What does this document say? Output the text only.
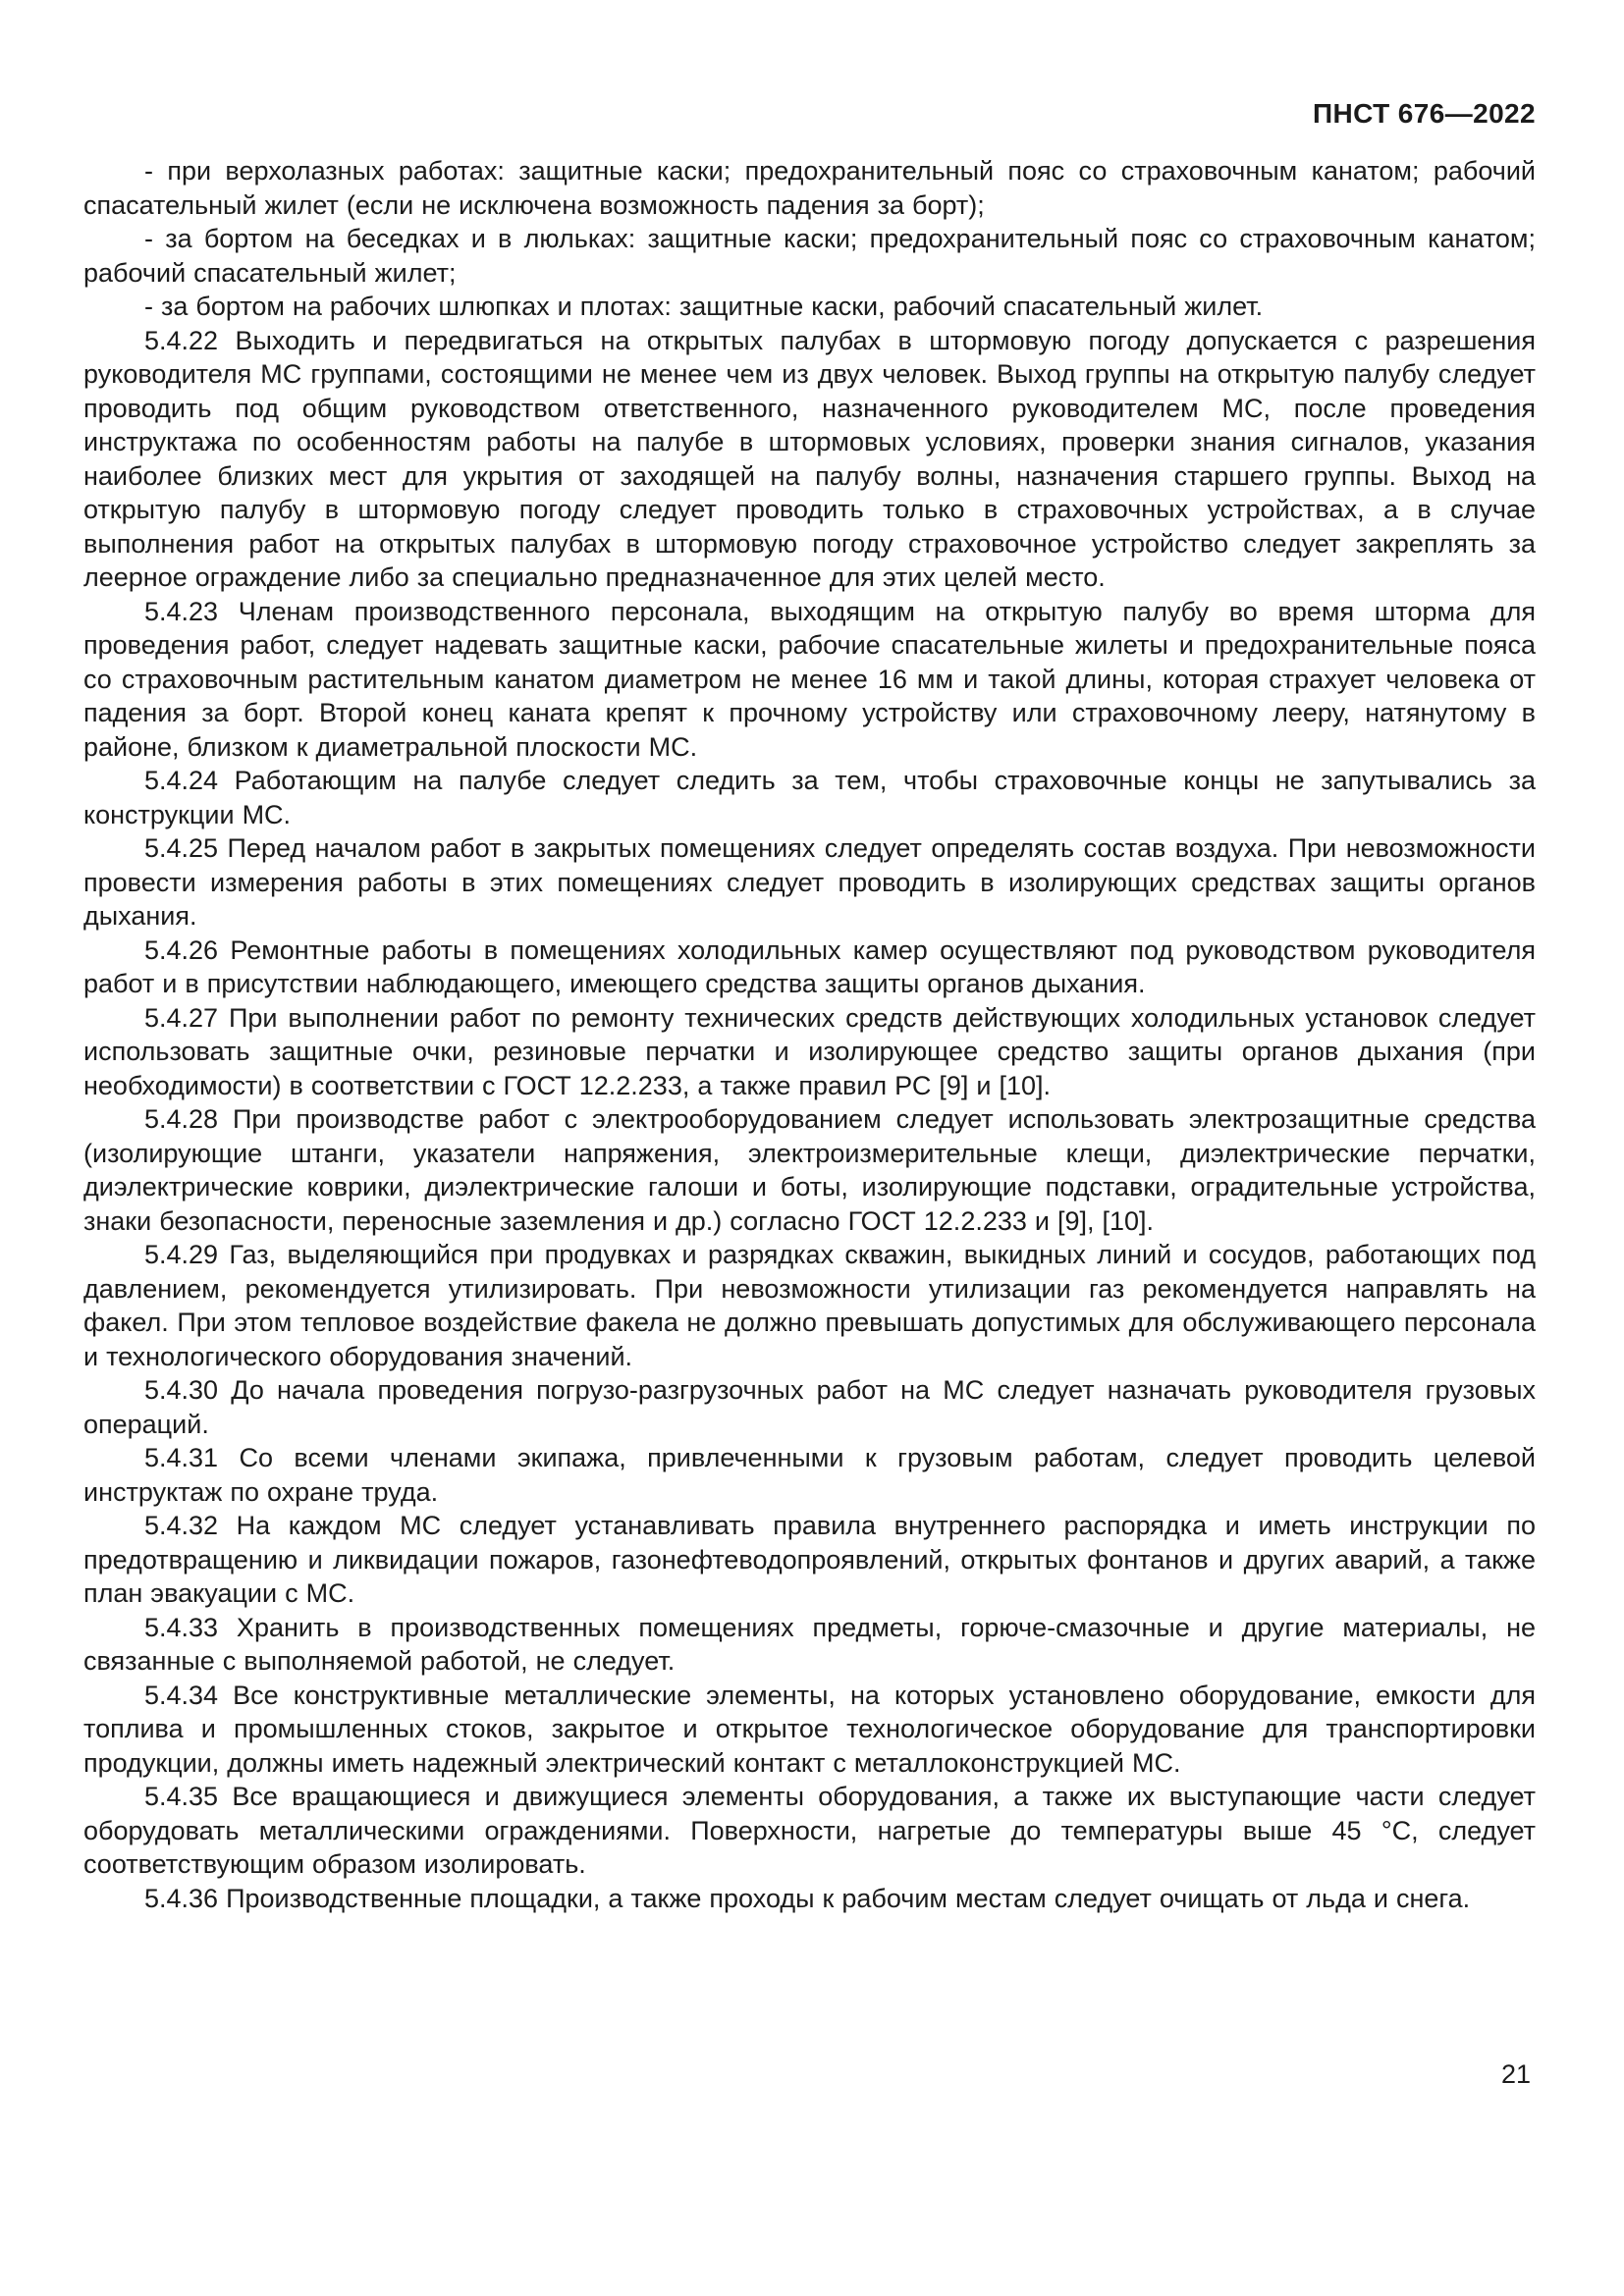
ПНСТ 676—2022

- при верхолазных работах: защитные каски; предохранительный пояс со страховочным канатом; рабочий спасательный жилет (если не исключена возможность падения за борт);

- за бортом на беседках и в люльках: защитные каски; предохранительный пояс со страховочным канатом; рабочий спасательный жилет;

- за бортом на рабочих шлюпках и плотах: защитные каски, рабочий спасательный жилет.

5.4.22 Выходить и передвигаться на открытых палубах в штормовую погоду допускается с разрешения руководителя МС группами, состоящими не менее чем из двух человек. Выход группы на открытую палубу следует проводить под общим руководством ответственного, назначенного руководителем МС, после проведения инструктажа по особенностям работы на палубе в штормовых условиях, проверки знания сигналов, указания наиболее близких мест для укрытия от заходящей на палубу волны, назначения старшего группы. Выход на открытую палубу в штормовую погоду следует проводить только в страховочных устройствах, а в случае выполнения работ на открытых палубах в штормовую погоду страховочное устройство следует закреплять за леерное ограждение либо за специально предназначенное для этих целей место.

5.4.23 Членам производственного персонала, выходящим на открытую палубу во время шторма для проведения работ, следует надевать защитные каски, рабочие спасательные жилеты и предохранительные пояса со страховочным растительным канатом диаметром не менее 16 мм и такой длины, которая страхует человека от падения за борт. Второй конец каната крепят к прочному устройству или страховочному лееру, натянутому в районе, близком к диаметральной плоскости МС.

5.4.24 Работающим на палубе следует следить за тем, чтобы страховочные концы не запутывались за конструкции МС.

5.4.25 Перед началом работ в закрытых помещениях следует определять состав воздуха. При невозможности провести измерения работы в этих помещениях следует проводить в изолирующих средствах защиты органов дыхания.

5.4.26 Ремонтные работы в помещениях холодильных камер осуществляют под руководством руководителя работ и в присутствии наблюдающего, имеющего средства защиты органов дыхания.

5.4.27 При выполнении работ по ремонту технических средств действующих холодильных установок следует использовать защитные очки, резиновые перчатки и изолирующее средство защиты органов дыхания (при необходимости) в соответствии с ГОСТ 12.2.233, а также правил РС [9] и [10].

5.4.28 При производстве работ с электрооборудованием следует использовать электрозащитные средства (изолирующие штанги, указатели напряжения, электроизмерительные клещи, диэлектрические перчатки, диэлектрические коврики, диэлектрические галоши и боты, изолирующие подставки, оградительные устройства, знаки безопасности, переносные заземления и др.) согласно ГОСТ 12.2.233 и [9], [10].

5.4.29 Газ, выделяющийся при продувках и разрядках скважин, выкидных линий и сосудов, работающих под давлением, рекомендуется утилизировать. При невозможности утилизации газ рекомендуется направлять на факел. При этом тепловое воздействие факела не должно превышать допустимых для обслуживающего персонала и технологического оборудования значений.

5.4.30 До начала проведения погрузо-разгрузочных работ на МС следует назначать руководителя грузовых операций.

5.4.31 Со всеми членами экипажа, привлеченными к грузовым работам, следует проводить целевой инструктаж по охране труда.

5.4.32 На каждом МС следует устанавливать правила внутреннего распорядка и иметь инструкции по предотвращению и ликвидации пожаров, газонефтеводопроявлений, открытых фонтанов и других аварий, а также план эвакуации с МС.

5.4.33 Хранить в производственных помещениях предметы, горюче-смазочные и другие материалы, не связанные с выполняемой работой, не следует.

5.4.34 Все конструктивные металлические элементы, на которых установлено оборудование, емкости для топлива и промышленных стоков, закрытое и открытое технологическое оборудование для транспортировки продукции, должны иметь надежный электрический контакт с металлоконструкцией МС.

5.4.35 Все вращающиеся и движущиеся элементы оборудования, а также их выступающие части следует оборудовать металлическими ограждениями. Поверхности, нагретые до температуры выше 45 °С, следует соответствующим образом изолировать.

5.4.36 Производственные площадки, а также проходы к рабочим местам следует очищать от льда и снега.

21
